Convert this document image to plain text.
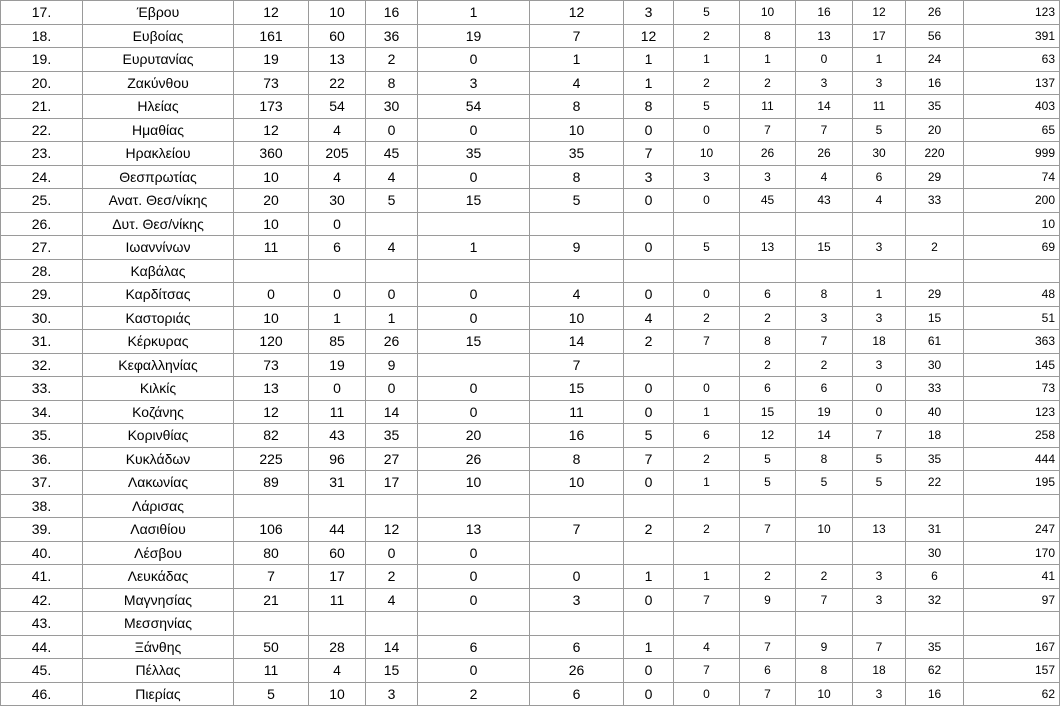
17.	Έβρου	12	10	16	1	12	3	5	10	16	12	26	123
18.	Ευβοίας	161	60	36	19	7	12	2	8	13	17	56	391
19.	Ευρυτανίας	19	13	2	0	1	1	1	1	0	1	24	63
20.	Ζακύνθου	73	22	8	3	4	1	2	2	3	3	16	137
21.	Ηλείας	173	54	30	54	8	8	5	11	14	11	35	403
22.	Ημαθίας	12	4	0	0	10	0	0	7	7	5	20	65
23.	Ηρακλείου	360	205	45	35	35	7	10	26	26	30	220	999
24.	Θεσπρωτίας	10	4	4	0	8	3	3	3	4	6	29	74
25.	Ανατ. Θεσ/νίκης	20	30	5	15	5	0	0	45	43	4	33	200
26.	Δυτ. Θεσ/νίκης	10	0										10
27.	Ιωαννίνων	11	6	4	1	9	0	5	13	15	3	2	69
28.	Καβάλας												
29.	Καρδίτσας	0	0	0	0	4	0	0	6	8	1	29	48
30.	Καστοριάς	10	1	1	0	10	4	2	2	3	3	15	51
31.	Κέρκυρας	120	85	26	15	14	2	7	8	7	18	61	363
32.	Κεφαλληνίας	73	19	9		7			2	2	3	30	145
33.	Κιλκίς	13	0	0	0	15	0	0	6	6	0	33	73
34.	Κοζάνης	12	11	14	0	11	0	1	15	19	0	40	123
35.	Κορινθίας	82	43	35	20	16	5	6	12	14	7	18	258
36.	Κυκλάδων	225	96	27	26	8	7	2	5	8	5	35	444
37.	Λακωνίας	89	31	17	10	10	0	1	5	5	5	22	195
38.	Λάρισας												
39.	Λασιθίου	106	44	12	13	7	2	2	7	10	13	31	247
40.	Λέσβου	80	60	0	0							30	170
41.	Λευκάδας	7	17	2	0	0	1	1	2	2	3	6	41
42.	Μαγνησίας	21	11	4	0	3	0	7	9	7	3	32	97
43.	Μεσσηνίας												
44.	Ξάνθης	50	28	14	6	6	1	4	7	9	7	35	167
45.	Πέλλας	11	4	15	0	26	0	7	6	8	18	62	157
46.	Πιερίας	5	10	3	2	6	0	0	7	10	3	16	62
